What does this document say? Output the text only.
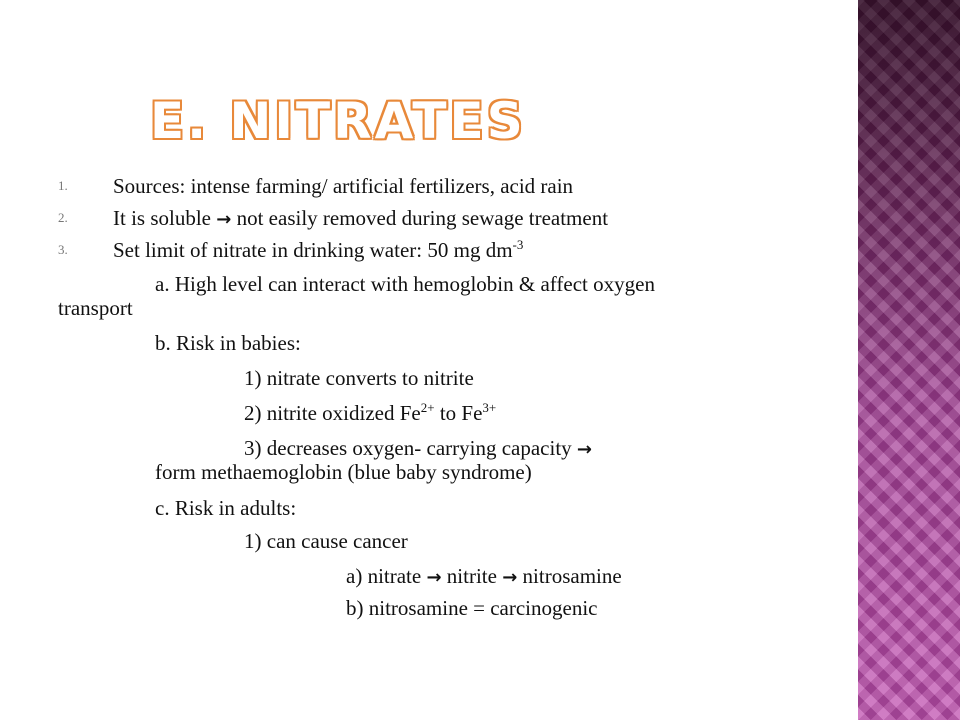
E. NITRATES
1. Sources: intense farming/ artificial fertilizers, acid rain
2. It is soluble → not easily removed during sewage treatment
3. Set limit of nitrate in drinking water: 50 mg $dm^{-3}$
a. High level can interact with hemoglobin & affect oxygen
transport
b. Risk in babies:
1) nitrate converts to nitrite
2) nitrite oxidized $Fe^{2+}$ to $Fe^{3+}$
3) decreases oxygen- carrying capacity →
form methaemoglobin (blue baby syndrome)
c. Risk in adults:
1) can cause cancer
a) nitrate → nitrite → nitrosamine
b) nitrosamine = carcinogenic
